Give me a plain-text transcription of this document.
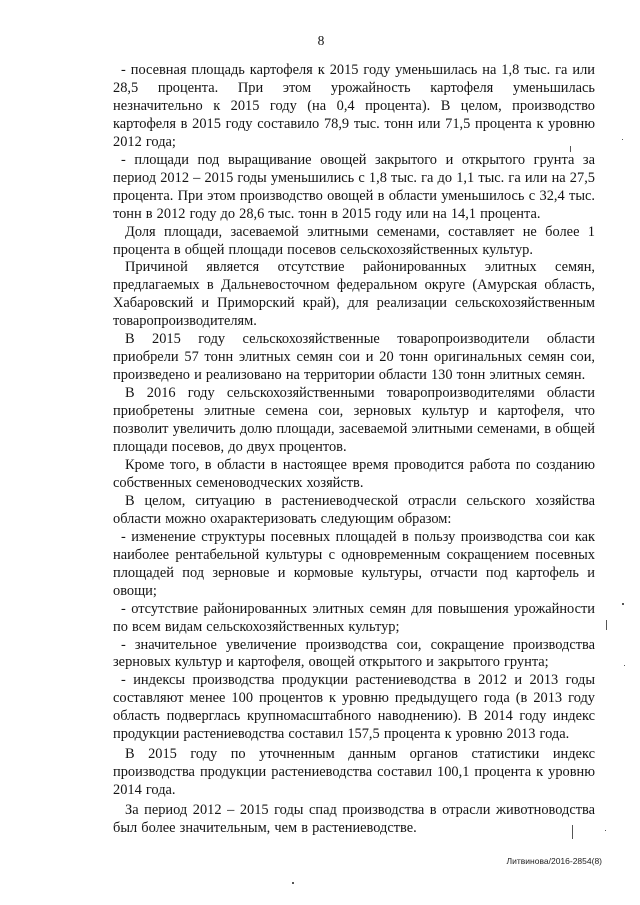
8

- посевная площадь картофеля к 2015 году уменьшилась на 1,8 тыс. га или 28,5 процента. При этом урожайность картофеля уменьшилась незначительно к 2015 году (на 0,4 процента). В целом, производство картофеля в 2015 году составило 78,9 тыс. тонн или 71,5 процента к уровню 2012 года;

- площади под выращивание овощей закрытого и открытого грунта за период 2012 – 2015 годы уменьшились с 1,8 тыс. га до 1,1 тыс. га или на 27,5 процента. При этом производство овощей в области уменьшилось с 32,4 тыс. тонн в 2012 году до 28,6 тыс. тонн в 2015 году или на 14,1 процента.

Доля площади, засеваемой элитными семенами, составляет не более 1 процента в общей площади посевов сельскохозяйственных культур.

Причиной является отсутствие районированных элитных семян, предлагаемых в Дальневосточном федеральном округе (Амурская область, Хабаровский и Приморский край), для реализации сельскохозяйственным товаропроизводителям.

В 2015 году сельскохозяйственные товаропроизводители области приобрели 57 тонн элитных семян сои и 20 тонн оригинальных семян сои, произведено и реализовано на территории области 130 тонн элитных семян.

В 2016 году сельскохозяйственными товаропроизводителями области приобретены элитные семена сои, зерновых культур и картофеля, что позволит увеличить долю площади, засеваемой элитными семенами, в общей площади посевов, до двух процентов.

Кроме того, в области в настоящее время проводится работа по созданию собственных семеноводческих хозяйств.

В целом, ситуацию в растениеводческой отрасли сельского хозяйства области можно охарактеризовать следующим образом:

- изменение структуры посевных площадей в пользу производства сои как наиболее рентабельной культуры с одновременным сокращением посевных площадей под зерновые и кормовые культуры, отчасти под картофель и овощи;

- отсутствие районированных элитных семян для повышения урожайности по всем видам сельскохозяйственных культур;

- значительное увеличение производства сои, сокращение производства зерновых культур и картофеля, овощей открытого и закрытого грунта;

- индексы производства продукции растениеводства в 2012 и 2013 годы составляют менее 100 процентов к уровню предыдущего года (в 2013 году область подверглась крупномасштабного наводнению). В 2014 году индекс продукции растениеводства составил 157,5 процента к уровню 2013 года.

В 2015 году по уточненным данным органов статистики индекс производства продукции растениеводства составил 100,1 процента к уровню 2014 года.

За период 2012 – 2015 годы спад производства в отрасли животноводства был более значительным, чем в растениеводстве.

Литвинова/2016-2854(8)
